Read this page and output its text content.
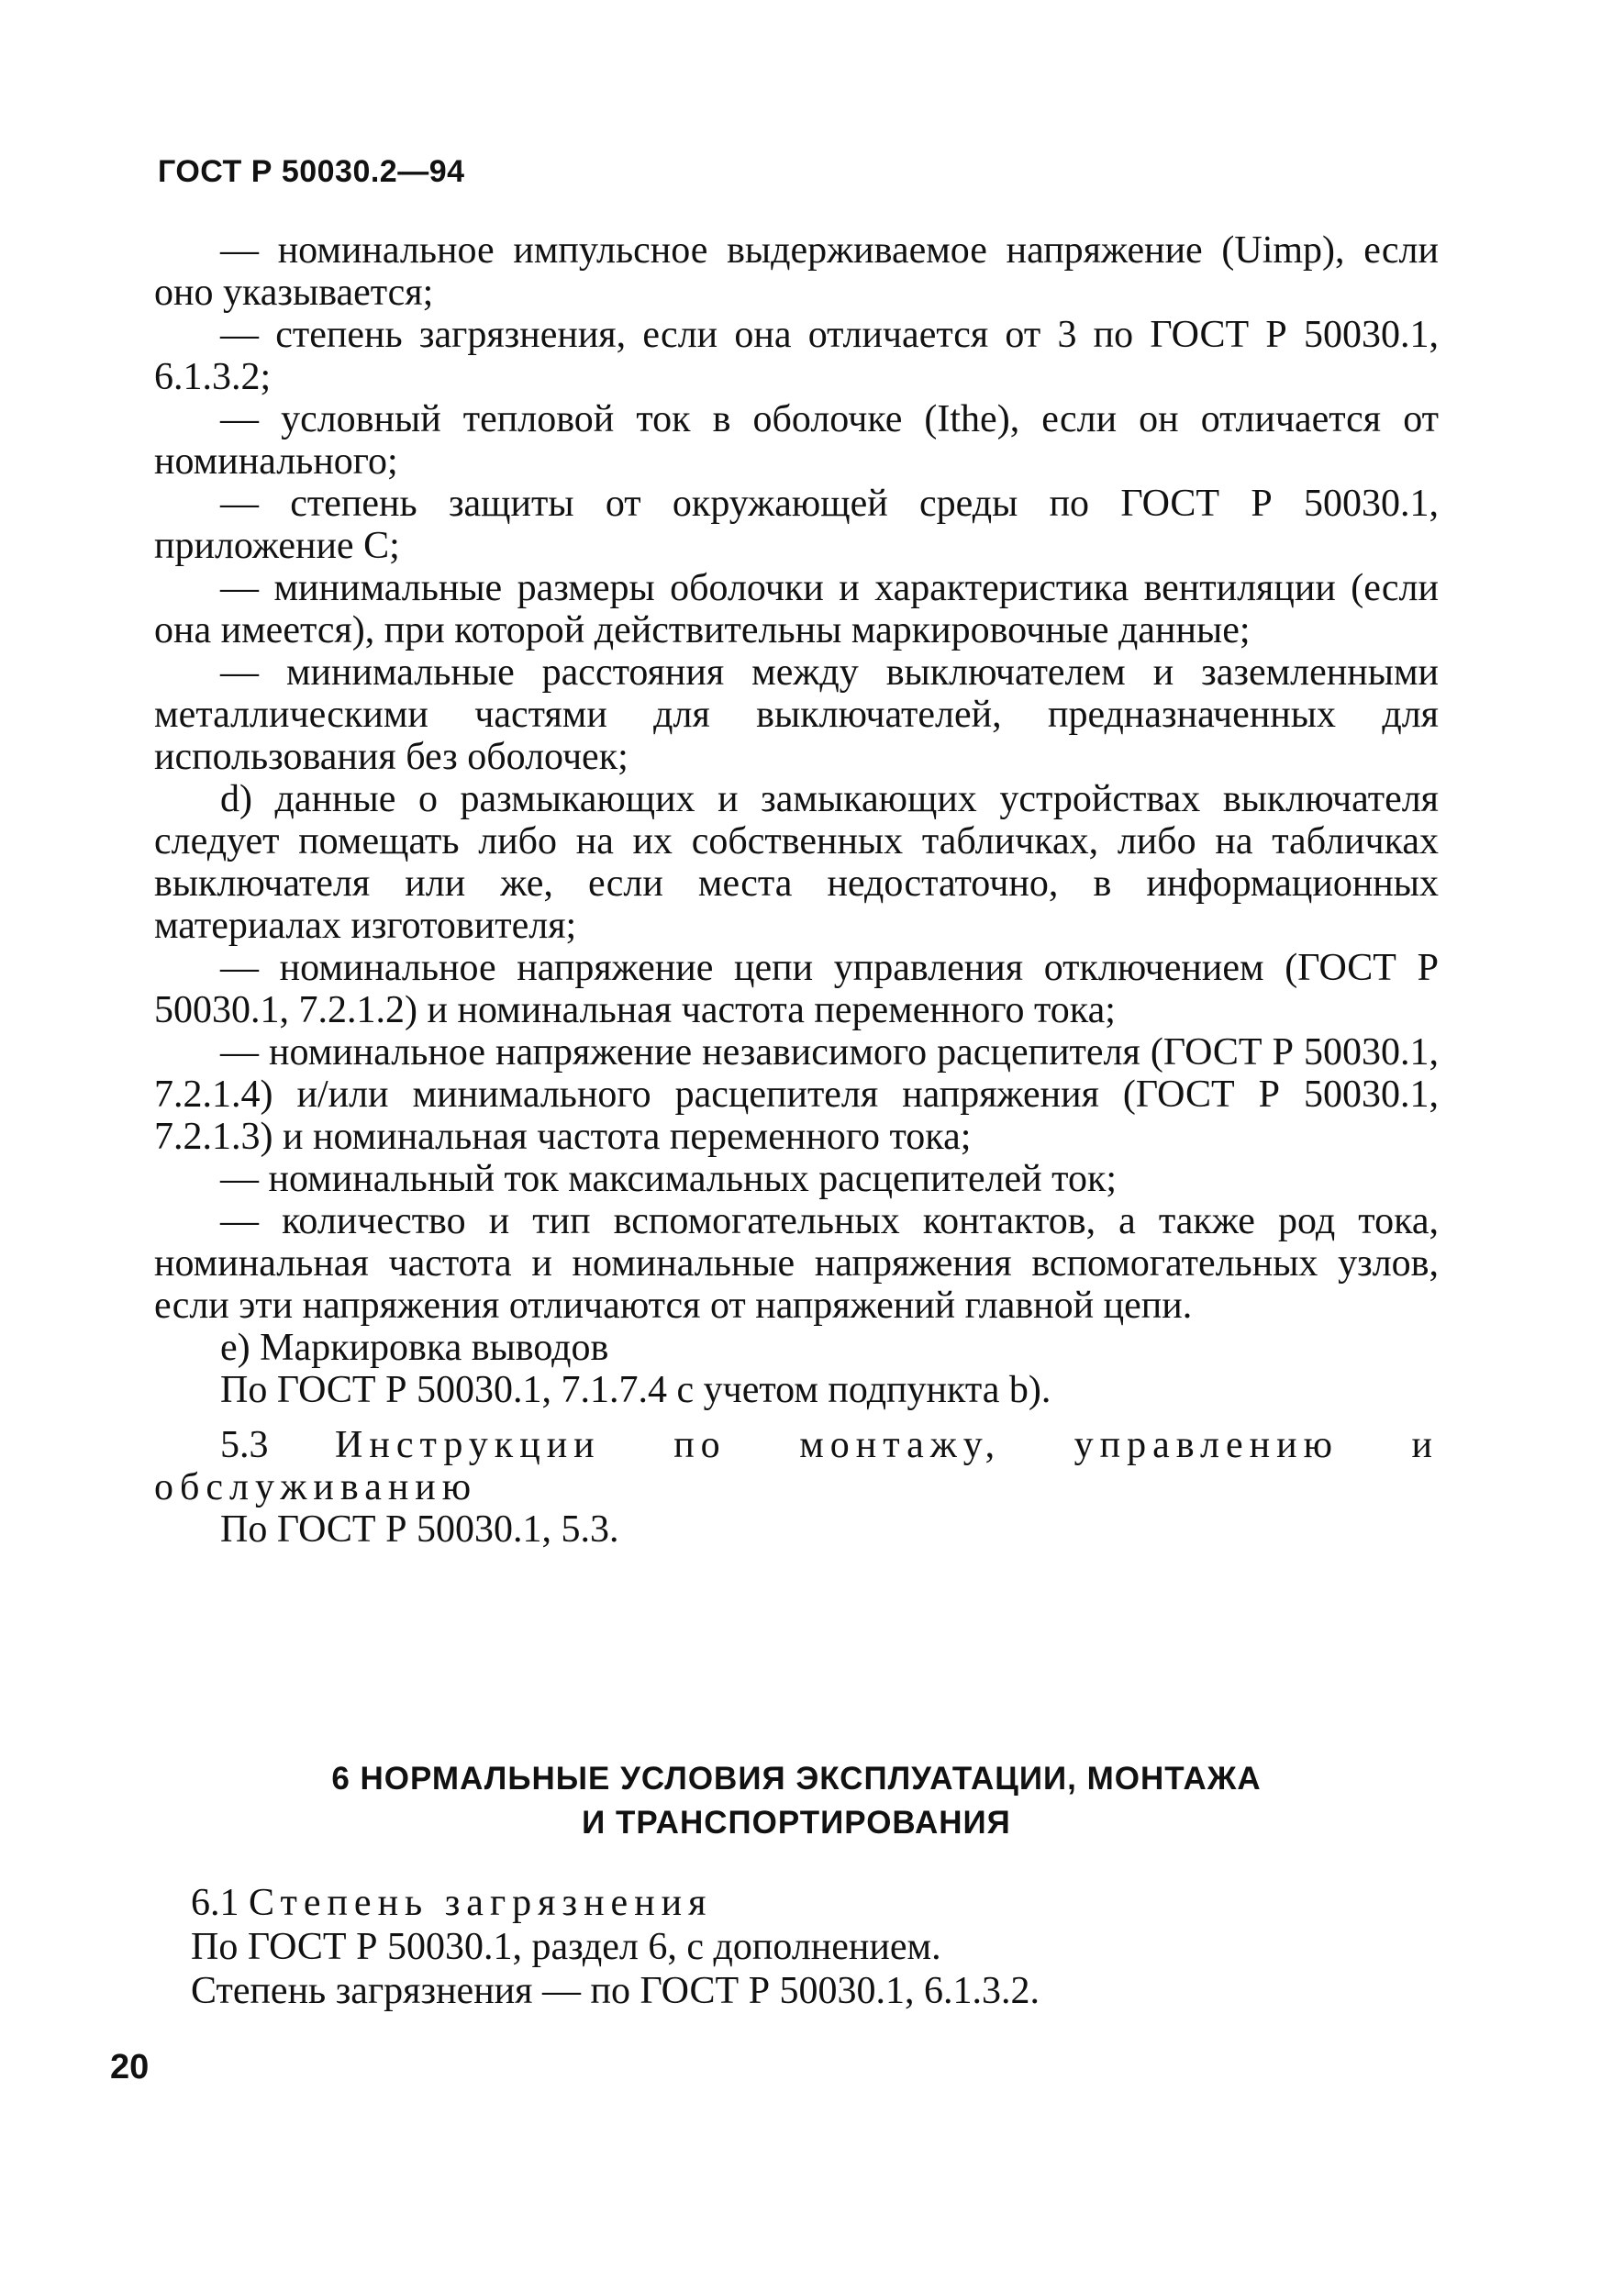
ГОСТ Р 50030.2—94

— номинальное импульсное выдерживаемое напряжение (Uimp), если оно указывается;

— степень загрязнения, если она отличается от 3 по ГОСТ Р 50030.1, 6.1.3.2;

— условный тепловой ток в оболочке (Ithe), если он отличается от номинального;

— степень защиты от окружающей среды по ГОСТ Р 50030.1, приложение С;

— минимальные размеры оболочки и характеристика вентиляции (если она имеется), при которой действительны маркировочные данные;

— минимальные расстояния между выключателем и заземленными металлическими частями для выключателей, предназначенных для использования без оболочек;

d) данные о размыкающих и замыкающих устройствах выключателя следует помещать либо на их собственных табличках, либо на табличках выключателя или же, если места недостаточно, в информационных материалах изготовителя;

— номинальное напряжение цепи управления отключением (ГОСТ Р 50030.1, 7.2.1.2) и номинальная частота переменного тока;

— номинальное напряжение независимого расцепителя (ГОСТ Р 50030.1, 7.2.1.4) и/или минимального расцепителя напряжения (ГОСТ Р 50030.1, 7.2.1.3) и номинальная частота переменного тока;

— номинальный ток максимальных расцепителей ток;

— количество и тип вспомогательных контактов, а также род тока, номинальная частота и номинальные напряжения вспомогательных узлов, если эти напряжения отличаются от напряжений главной цепи.

е) Маркировка выводов

По ГОСТ Р 50030.1, 7.1.7.4 с учетом подпункта b).

5.3 Инструкции по монтажу, управлению и обслуживанию

По ГОСТ Р 50030.1, 5.3.

6 НОРМАЛЬНЫЕ УСЛОВИЯ ЭКСПЛУАТАЦИИ, МОНТАЖА
И ТРАНСПОРТИРОВАНИЯ

6.1 Степень загрязнения

По ГОСТ Р 50030.1, раздел 6, с дополнением.

Степень загрязнения — по ГОСТ Р 50030.1, 6.1.3.2.

20
